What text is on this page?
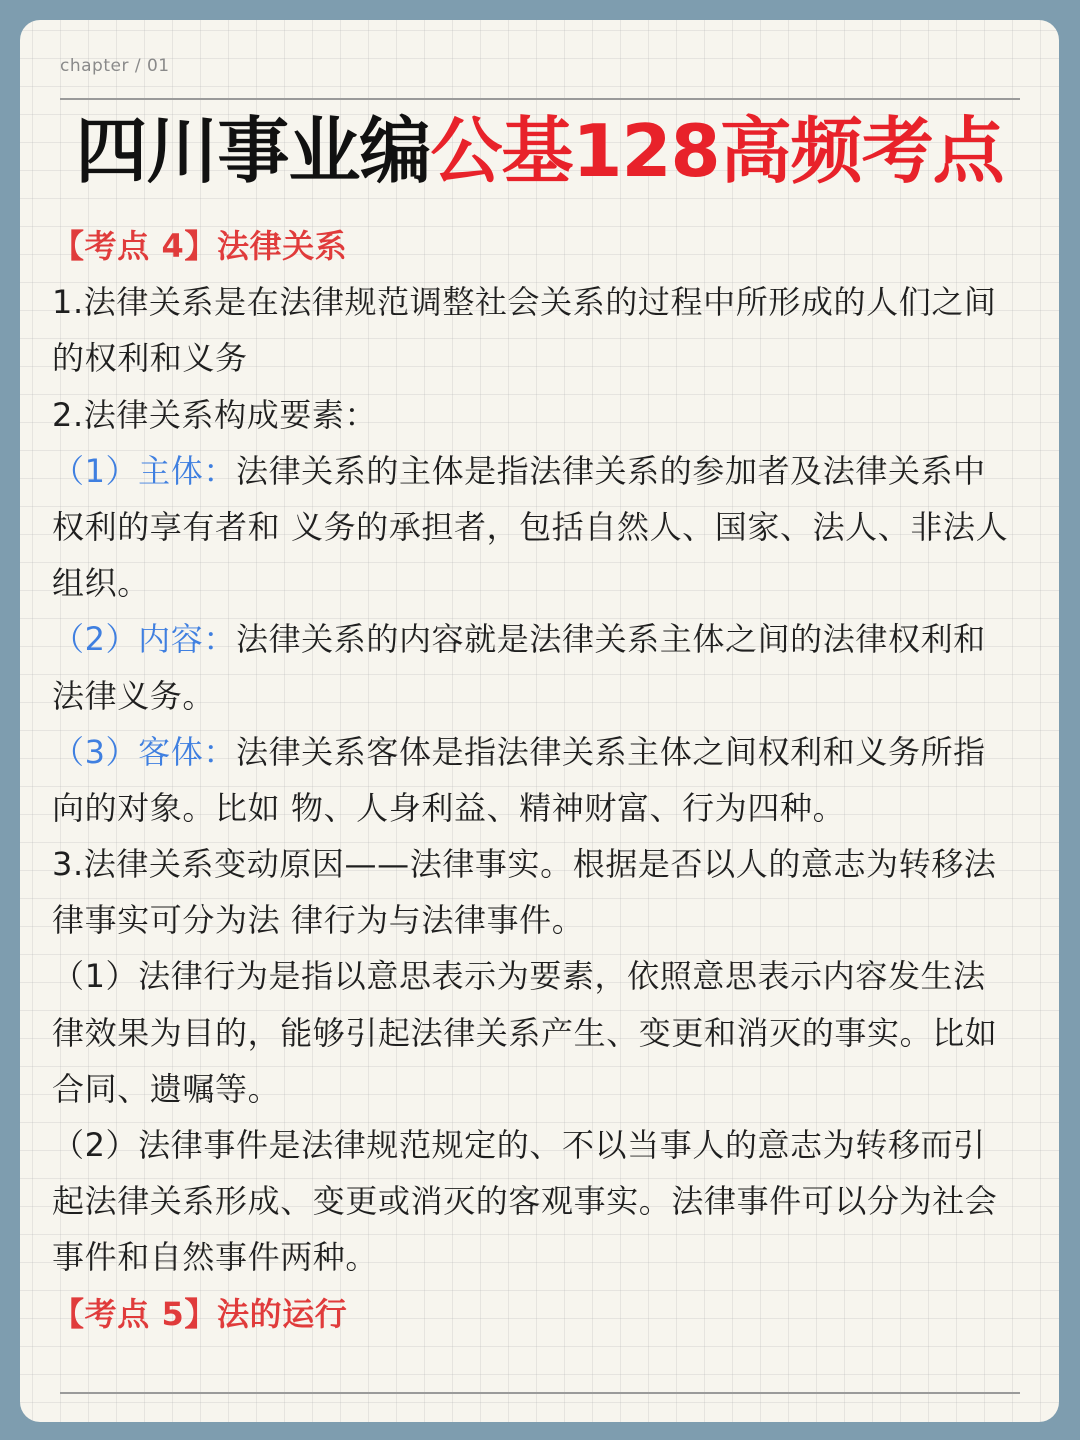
chapter / 01
四川事业编公基128高频考点
【考点 4】法律关系
1.法律关系是在法律规范调整社会关系的过程中所形成的人们之间
的权利和义务
2.法律关系构成要素：
（1）主体：法律关系的主体是指法律关系的参加者及法律关系中
权利的享有者和 义务的承担者，包括自然人、国家、法人、非法人
组织。
（2）内容：法律关系的内容就是法律关系主体之间的法律权利和
法律义务。
（3）客体：法律关系客体是指法律关系主体之间权利和义务所指
向的对象。比如 物、人身利益、精神财富、行为四种。
3.法律关系变动原因——法律事实。根据是否以人的意志为转移法
律事实可分为法 律行为与法律事件。
（1）法律行为是指以意思表示为要素，依照意思表示内容发生法
律效果为目的，能够引起法律关系产生、变更和消灭的事实。比如
合同、遗嘱等。
（2）法律事件是法律规范规定的、不以当事人的意志为转移而引
起法律关系形成、变更或消灭的客观事实。法律事件可以分为社会
事件和自然事件两种。
【考点 5】法的运行
